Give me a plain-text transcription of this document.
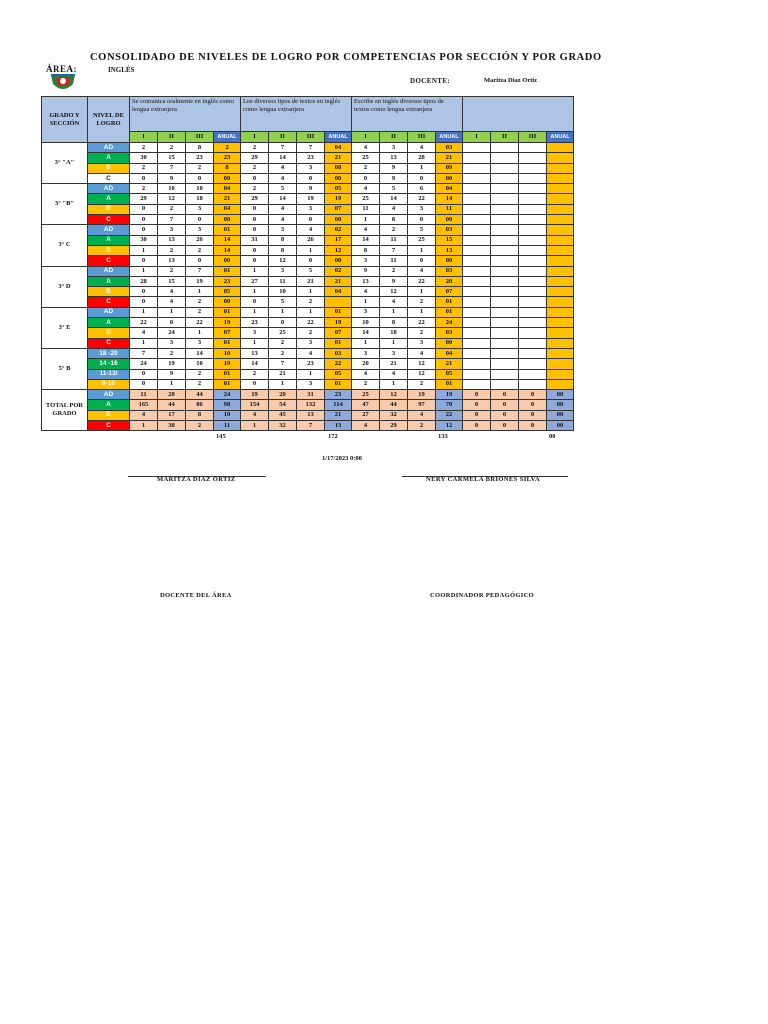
CONSOLIDADO DE NIVELES DE LOGRO POR COMPETENCIAS POR SECCIÓN Y POR GRADO
ÁREA:	INGLÉS
DOCENTE:	Maritza Diaz Ortiz
GRADO Y SECCIÓN	NIVEL DE LOGRO	Se comunica oralmente en inglés como lengua extranjera				Lee diversos tipos de textos en inglés como lengua extranjera				Escribe en inglés diversos tipos de textos como lengua extranjera							
		I	II	III	ANUAL	I	II	III	ANUAL	I	II	III	ANUAL	I	II	III	ANUAL
3° "A"	AD	2	2	8	2	2	7	7	04	4	3	4	03				
	A	30	15	23	23	29	14	23	21	25	13	28	21				
	B	2	7	2	8	2	4	3	08	2	9	1	09				
	C	0	9	0	00	0	4	0	00	0	9	0	00				
3° "B"	AD	2	10	10	04	2	5	9	05	4	5	6	04				
	A	29	12	18	21	29	14	19	19	25	14	22	14				
	B	0	2	3	04	0	4	3	07	11	4	3	11				
	C	0	7	0	00	0	4	0	00	1	8	0	00				
3° C	AD	0	3	3	01	0	3	4	02	4	2	5	03				
	A	30	13	26	14	31	8	26	17	14	11	25	15				
	B	1	2	2	14	0	8	1	12	8	7	1	13				
	C	0	13	0	00	0	12	0	00	3	11	0	00				
3° D	AD	1	2	7	01	1	3	5	02	9	2	4	03				
	A	28	15	19	23	27	11	21	21	13	9	22	20				
	B	0	4	1	05	1	10	1	04	4	12	1	07				
	C	0	4	2	00	0	5	2		1	4	2	01				
3° E	AD	1	1	2	01	1	1	1	01	3	1	1	01				
	A	22	0	22	19	23	0	22	19	10	8	22	24				
	B	4	24	1	07	3	25	2	07	14	18	2	03				
	C	1	3	3	01	1	2	3	01	1	1	3	00				
5° B	18 -20	7	2	14	10	13	2	4	03	3	3	4	04				
	14 -16	24	19	10	19	14	7	23	22	20	21	12	21				
	11-13/	0	9	2	01	2	21	1	05	4	4	12	05				
	0-10	0	1	2	01	0	1	3	01	2	1	2	01				
TOTAL POR GRADO	AD	11	20	44	24	19	20	31	23	25	12	19	19	0	0	0	00
	A	165	44	86	98	154	54	132	114	47	44	97	70	0	0	0	00
	B	4	17	8	10	4	45	13	21	27	32	4	22	0	0	0	00
	C	1	30	2	11	1	32	7	13	4	29	2	12	0	0	0	00
145	172	133	00
1/17/2023 0:00
MARITZA DIAZ ORTIZ	NERY CARMELA BRIONES SILVA
DOCENTE DEL ÁREA	COORDINADOR PEDAGÓGICO
